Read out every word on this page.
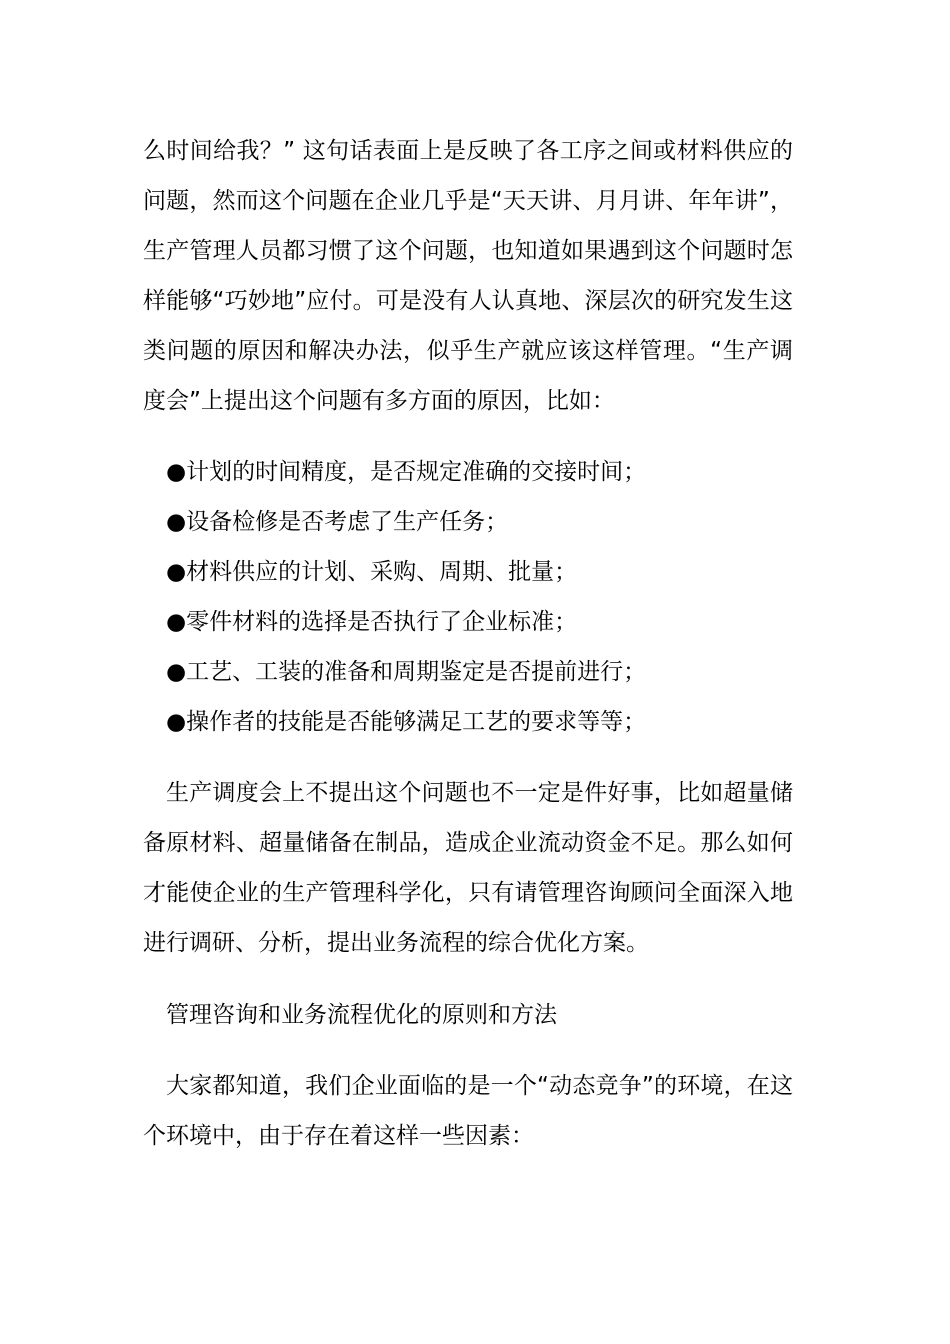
么时间给我？” 这句话表面上是反映了各工序之间或材料供应的问题，然而这个问题在企业几乎是“天天讲、月月讲、年年讲”，生产管理人员都习惯了这个问题，也知道如果遇到这个问题时怎样能够“巧妙地”应付。可是没有人认真地、深层次的研究发生这类问题的原因和解决办法，似乎生产就应该这样管理。“生产调度会”上提出这个问题有多方面的原因，比如：

●计划的时间精度，是否规定准确的交接时间；
●设备检修是否考虑了生产任务；
●材料供应的计划、采购、周期、批量；
●零件材料的选择是否执行了企业标准；
●工艺、工装的准备和周期鉴定是否提前进行；
●操作者的技能是否能够满足工艺的要求等等；

生产调度会上不提出这个问题也不一定是件好事，比如超量储备原材料、超量储备在制品，造成企业流动资金不足。那么如何才能使企业的生产管理科学化，只有请管理咨询顾问全面深入地进行调研、分析，提出业务流程的综合优化方案。

管理咨询和业务流程优化的原则和方法

大家都知道，我们企业面临的是一个“动态竞争”的环境，在这个环境中，由于存在着这样一些因素：
